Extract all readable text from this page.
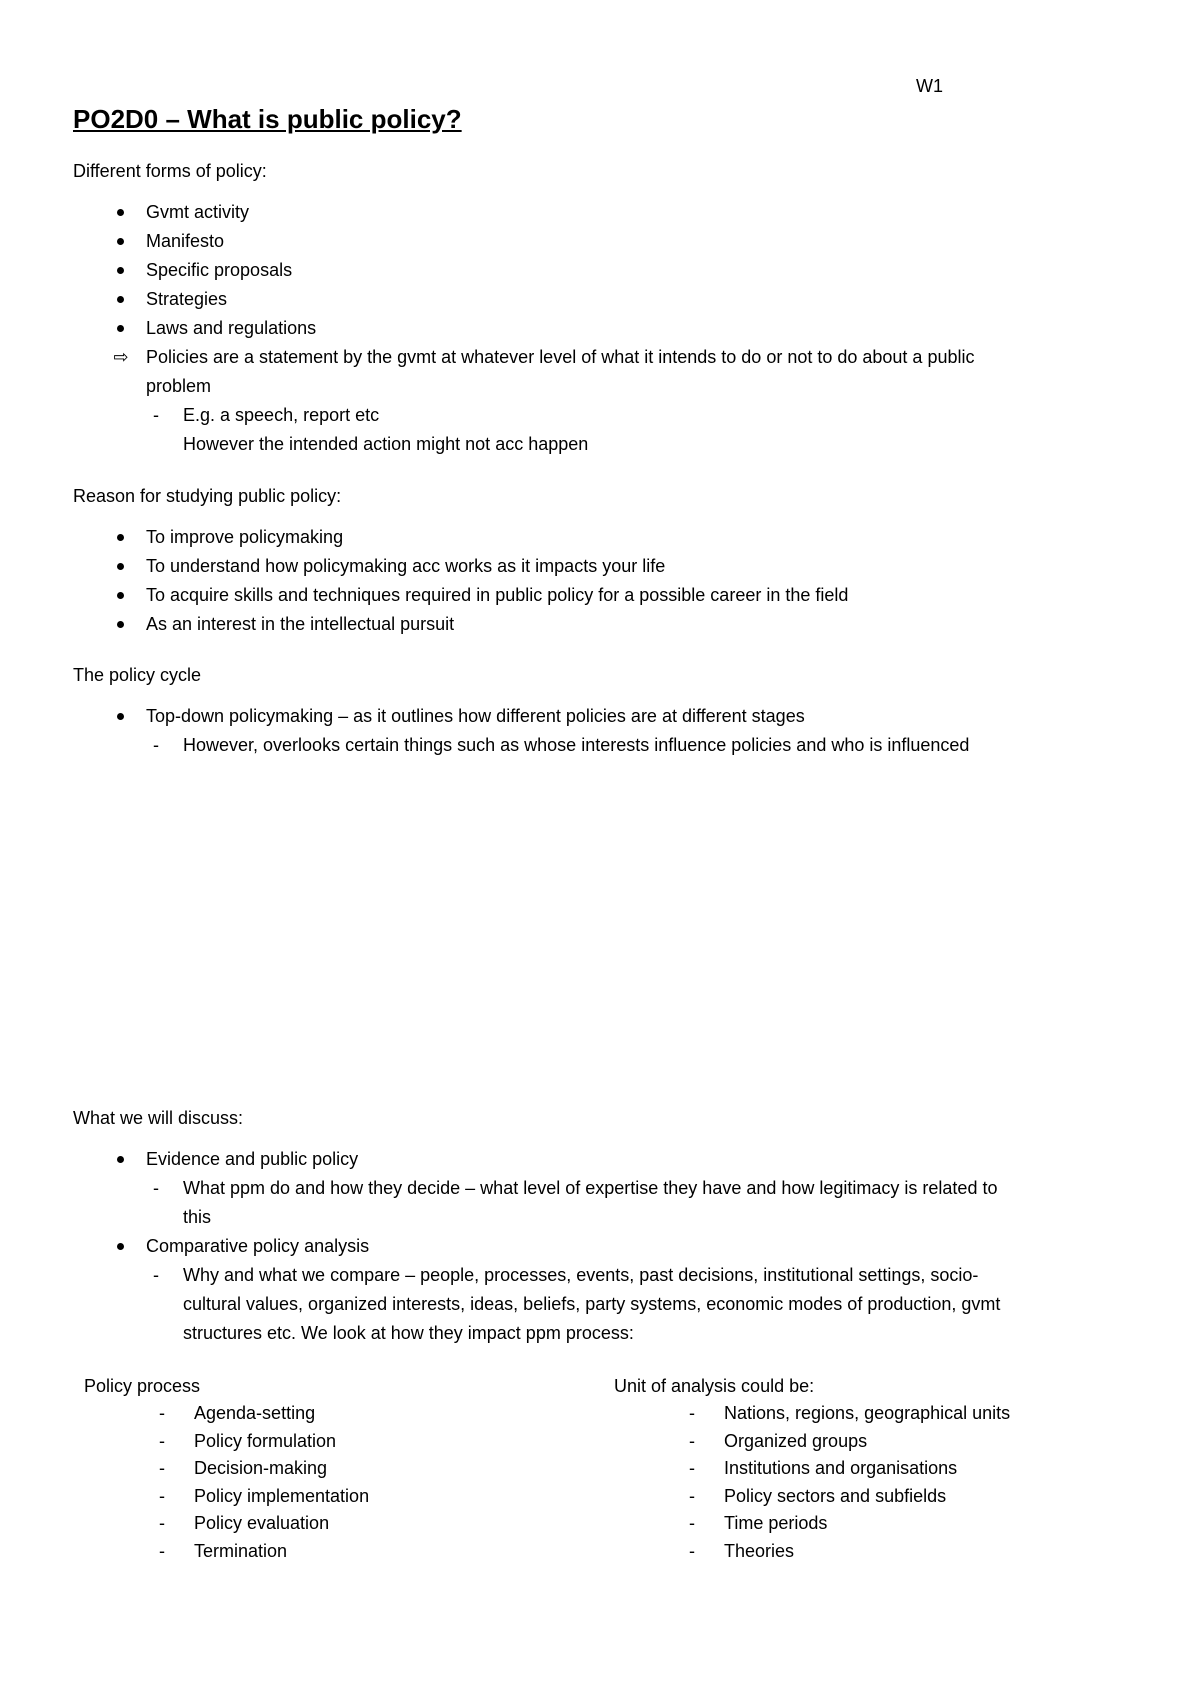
W1
PO2D0 – What is public policy?

Different forms of policy:

Gvmt activity
Manifesto
Specific proposals
Strategies
Laws and regulations
⇨ Policies are a statement by the gvmt at whatever level of what it intends to do or not to do about a public
problem
- E.g. a speech, report etc
However the intended action might not acc happen

Reason for studying public policy:

To improve policymaking
To understand how policymaking acc works as it impacts your life
To acquire skills and techniques required in public policy for a possible career in the field
As an interest in the intellectual pursuit

The policy cycle

Top-down policymaking – as it outlines how different policies are at different stages
- However, overlooks certain things such as whose interests influence policies and who is influenced

What we will discuss:

Evidence and public policy
- What ppm do and how they decide – what level of expertise they have and how legitimacy is related to
this
Comparative policy analysis
- Why and what we compare – people, processes, events, past decisions, institutional settings, socio-
cultural values, organized interests, ideas, beliefs, party systems, economic modes of production, gvmt
structures etc. We look at how they impact ppm process:

Policy process

- Agenda-setting
- Policy formulation
- Decision-making
- Policy implementation
- Policy evaluation
- Termination

Unit of analysis could be:

- Nations, regions, geographical units
- Organized groups
- Institutions and organisations
- Policy sectors and subfields
- Time periods
- Theories
